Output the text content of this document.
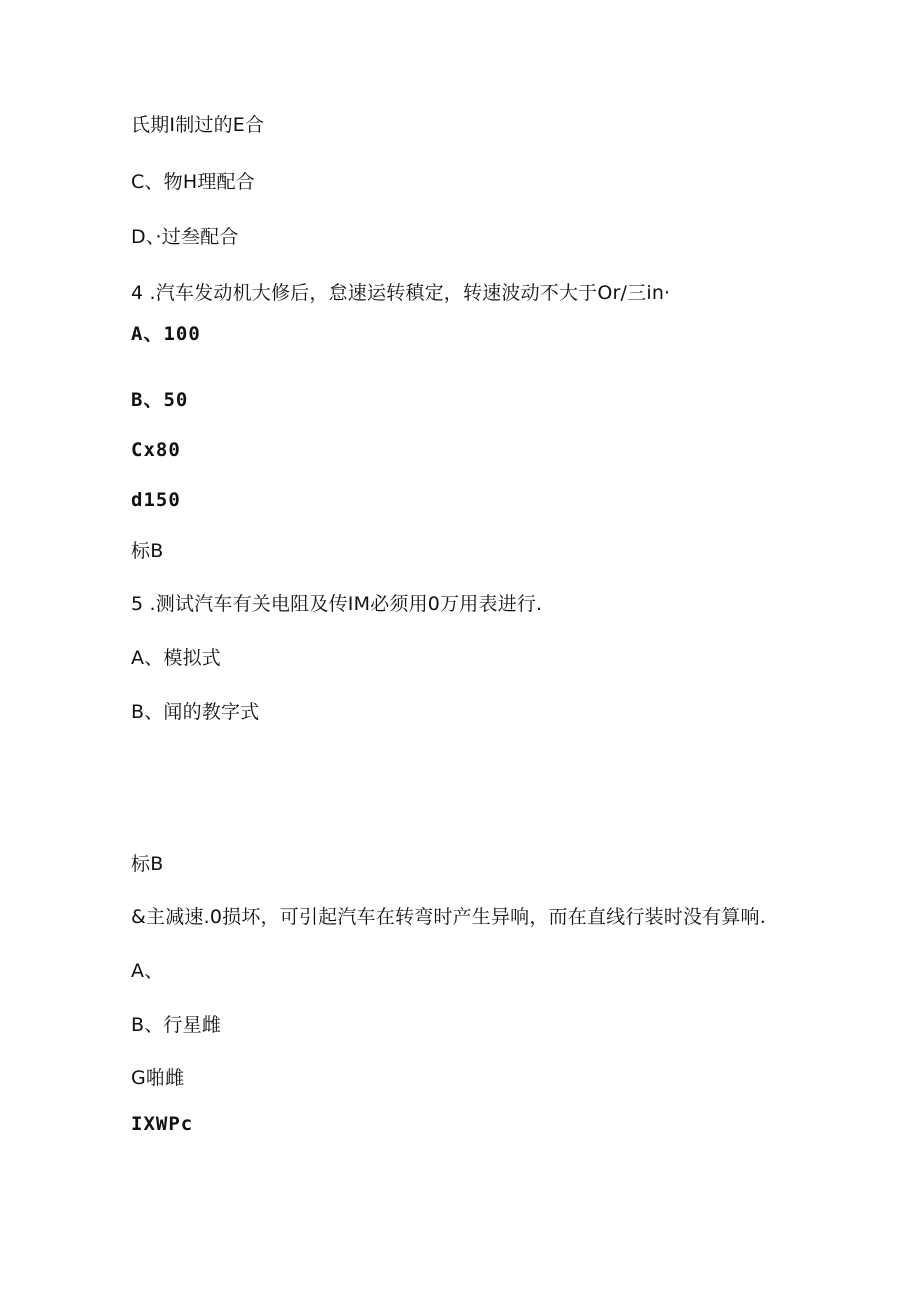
氏期I制过的E合
C、物H理配合
D、·过叁配合
4 .汽车发动机大修后，怠速运转稹定，转速波动不大于Or/三in·
A、100
B、50
Cx80
d150
标B
5 .测试汽车有关电阻及传IM必须用0万用表进行.
A、模拟式
B、闻的教字式
标B
&主减速.0损坏，可引起汽车在转弯时产生异响，而在直线行装时没有算响.
A、
B、行星雌
G啪雌
IXWPc
